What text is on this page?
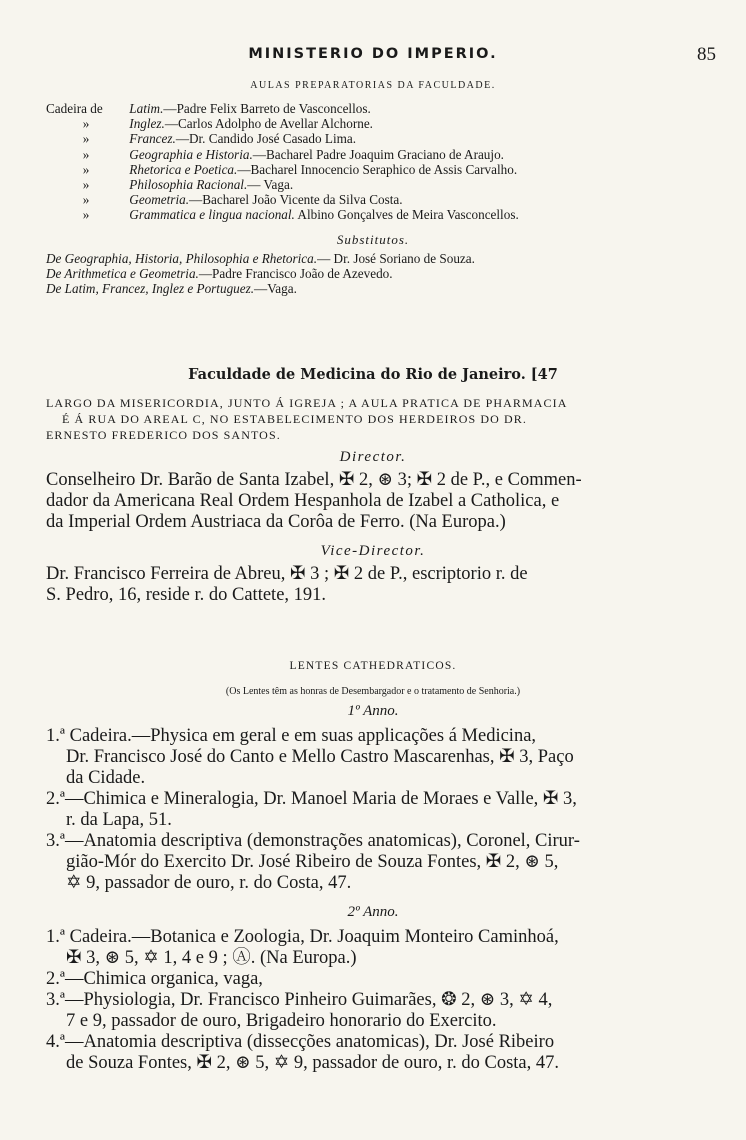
MINISTERIO DO IMPERIO.	85
AULAS PREPARATORIAS DA FACULDADE.
Cadeira de Latim.—Padre Felix Barreto de Vasconcellos.
»	Inglez.—Carlos Adolpho de Avellar Alchorne.
»	Francez.—Dr. Candido José Casado Lima.
»	Geographia e Historia.—Bacharel Padre Joaquim Graciano de Araujo.
»	Rhetorica e Poetica.—Bacharel Innocencio Seraphico de Assis Carvalho.
»	Philosophia Racional.— Vaga.
»	Geometria.—Bacharel João Vicente da Silva Costa.
»	Grammatica e lingua nacional. Albino Gonçalves de Meira Vasconcellos.
Substitutos.
De Geographia, Historia, Philosophia e Rhetorica.— Dr. José Soriano de Souza.
De Arithmetica e Geometria.—Padre Francisco João de Azevedo.
De Latim, Francez, Inglez e Portuguez.—Vaga.
Faculdade de Medicina do Rio de Janeiro. [47
LARGO DA MISERICORDIA, JUNTO Á IGREJA ; A AULA PRATICA DE PHARMACIA
É Á RUA DO AREAL C, NO ESTABELECIMENTO DOS HERDEIROS DO DR.
ERNESTO FREDERICO DOS SANTOS.
Director.
Conselheiro Dr. Barão de Santa Izabel, ✠ 2, ⊛ 3; ✠ 2 de P., e Commen-
dador da Americana Real Ordem Hespanhola de Izabel a Catholica, e
da Imperial Ordem Austriaca da Corôa de Ferro. (Na Europa.)
Vice-Director.
Dr. Francisco Ferreira de Abreu, ✠ 3 ; ✠ 2 de P., escriptorio r. de
S. Pedro, 16, reside r. do Cattete, 191.
LENTES CATHEDRATICOS.
(Os Lentes têm as honras de Desembargador e o tratamento de Senhoria.)
1º Anno.
1.ª Cadeira.—Physica em geral e em suas applicações á Medicina,
Dr. Francisco José do Canto e Mello Castro Mascarenhas, ✠ 3, Paço
da Cidade.
2.ª—Chimica e Mineralogia, Dr. Manoel Maria de Moraes e Valle, ✠ 3,
r. da Lapa, 51.
3.ª—Anatomia descriptiva (demonstrações anatomicas), Coronel, Cirur-
gião-Mór do Exercito Dr. José Ribeiro de Souza Fontes, ✠ 2, ⊛ 5,
✡ 9, passador de ouro, r. do Costa, 47.
2º Anno.
1.ª Cadeira.—Botanica e Zoologia, Dr. Joaquim Monteiro Caminhoá,
✠ 3, ⊛ 5, ✡ 1, 4 e 9 ; Ⓐ. (Na Europa.)
2.ª—Chimica organica, vaga,
3.ª—Physiologia, Dr. Francisco Pinheiro Guimarães, ❂ 2, ⊛ 3, ✡ 4,
7 e 9, passador de ouro, Brigadeiro honorario do Exercito.
4.ª—Anatomia descriptiva (dissecções anatomicas), Dr. José Ribeiro
de Souza Fontes, ✠ 2, ⊛ 5, ✡ 9, passador de ouro, r. do Costa, 47.
